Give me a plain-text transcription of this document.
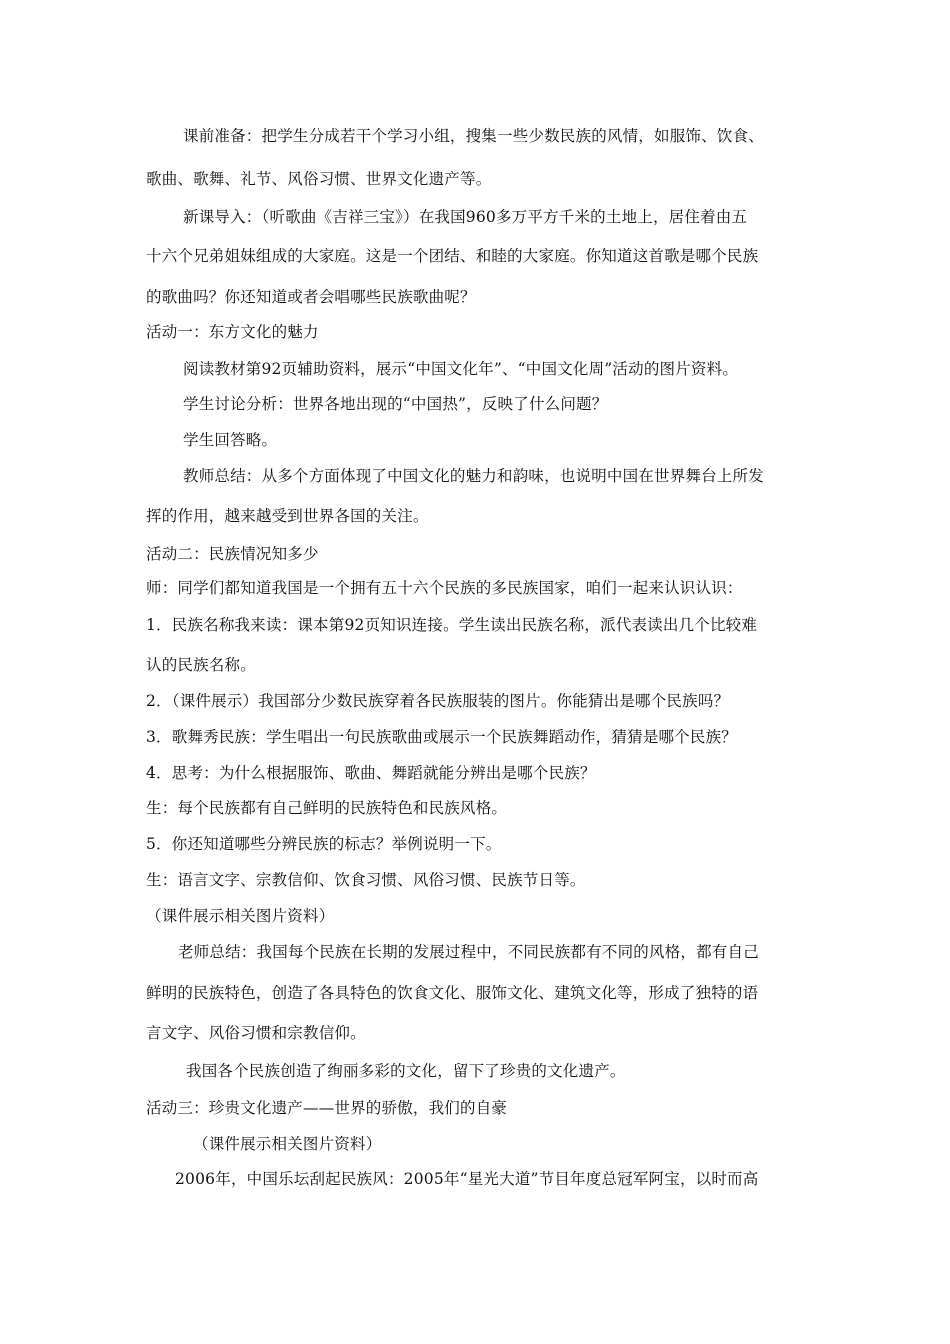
课前准备：把学生分成若干个学习小组，搜集一些少数民族的风情，如服饰、饮食、
歌曲、歌舞、礼节、风俗习惯、世界文化遗产等。
新课导入：（听歌曲《吉祥三宝》）在我国960多万平方千米的土地上，居住着由五
十六个兄弟姐妹组成的大家庭。这是一个团结、和睦的大家庭。你知道这首歌是哪个民族
的歌曲吗？你还知道或者会唱哪些民族歌曲呢？
活动一：东方文化的魅力
阅读教材第92页辅助资料，展示“中国文化年”、“中国文化周”活动的图片资料。
学生讨论分析：世界各地出现的“中国热”，反映了什么问题？
学生回答略。
教师总结：从多个方面体现了中国文化的魅力和韵味，也说明中国在世界舞台上所发
挥的作用，越来越受到世界各国的关注。
活动二：民族情况知多少
师：同学们都知道我国是一个拥有五十六个民族的多民族国家，咱们一起来认识认识：
1．民族名称我来读：课本第92页知识连接。学生读出民族名称，派代表读出几个比较难
认的民族名称。
2．（课件展示）我国部分少数民族穿着各民族服装的图片。你能猜出是哪个民族吗？
3．歌舞秀民族：学生唱出一句民族歌曲或展示一个民族舞蹈动作，猜猜是哪个民族？
4．思考：为什么根据服饰、歌曲、舞蹈就能分辨出是哪个民族？
生：每个民族都有自己鲜明的民族特色和民族风格。
5．你还知道哪些分辨民族的标志？举例说明一下。
生：语言文字、宗教信仰、饮食习惯、风俗习惯、民族节日等。
（课件展示相关图片资料）
老师总结：我国每个民族在长期的发展过程中，不同民族都有不同的风格，都有自己
鲜明的民族特色，创造了各具特色的饮食文化、服饰文化、建筑文化等，形成了独特的语
言文字、风俗习惯和宗教信仰。
我国各个民族创造了绚丽多彩的文化，留下了珍贵的文化遗产。
活动三：珍贵文化遗产——世界的骄傲，我们的自豪
（课件展示相关图片资料）
2006年，中国乐坛刮起民族风：2005年“星光大道”节目年度总冠军阿宝，以时而高
